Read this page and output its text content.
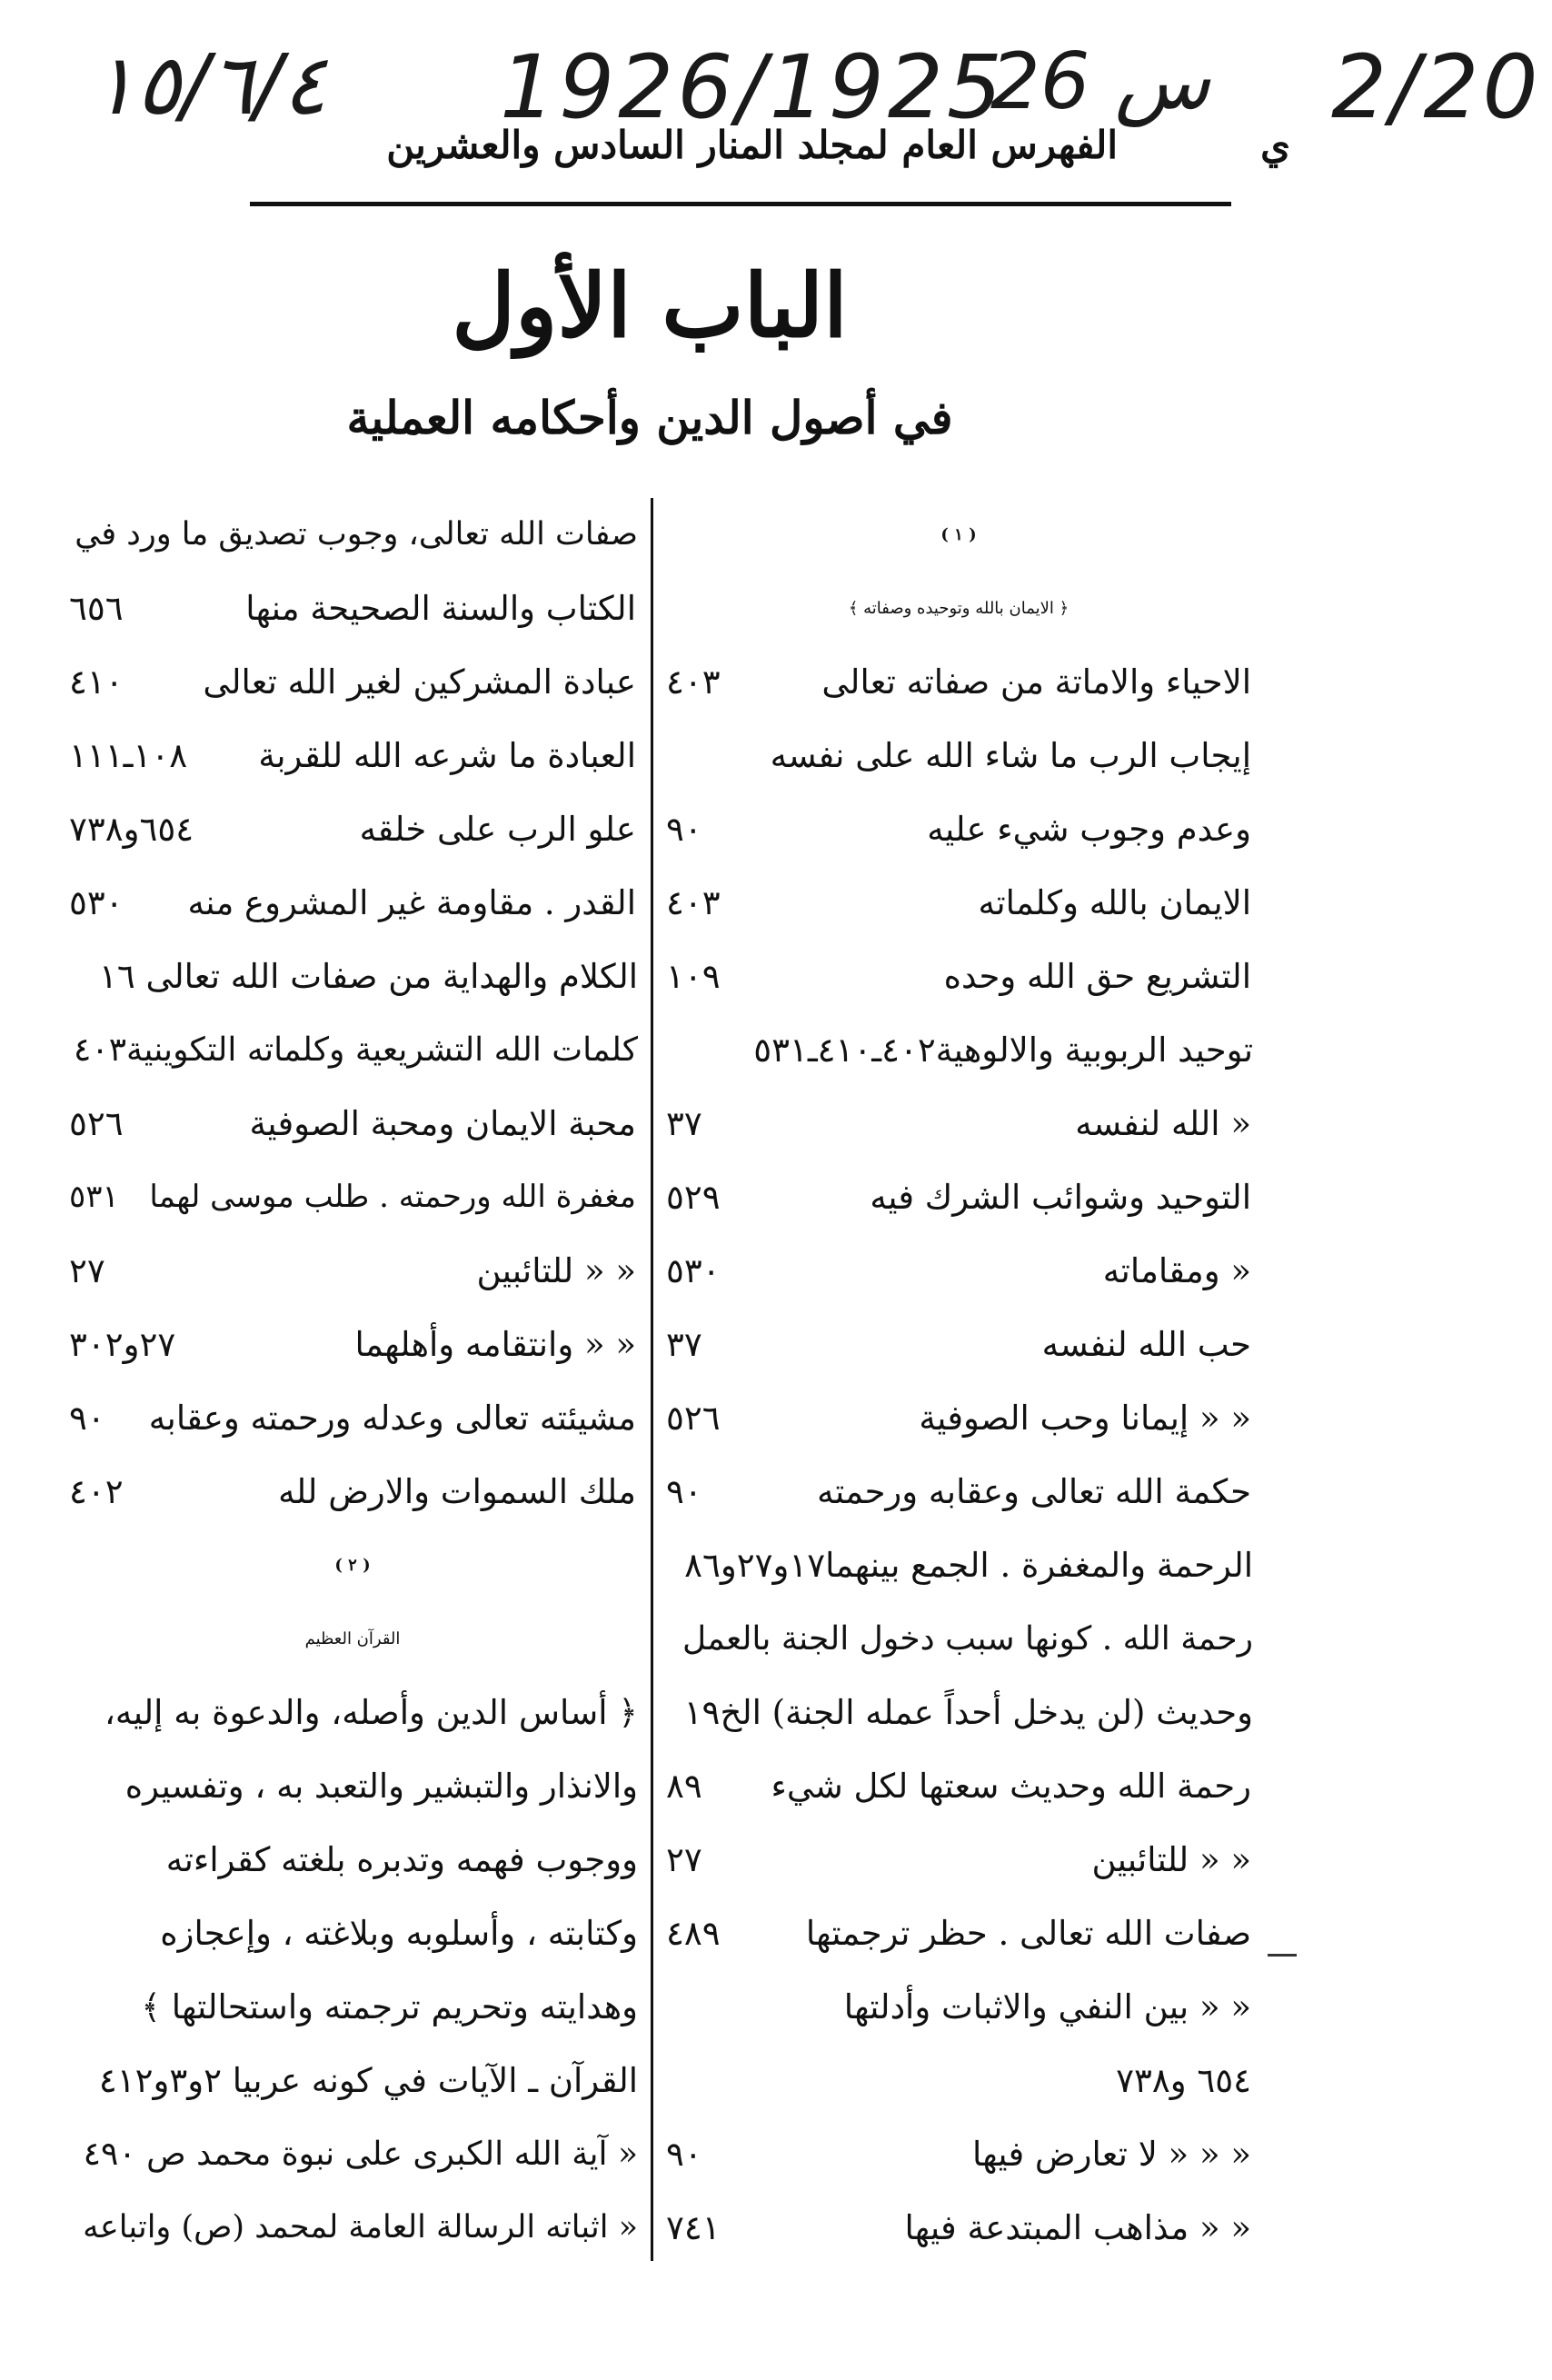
١٥/٦/٤ 1926/1925
26 س 2/20
ي
الفهرس العام لمجلد المنار السادس والعشرين
الباب الأول
في أصول الدين وأحكامه العملية
( ١ )
﴿ الايمان بالله وتوحيده وصفاته ﴾
الاحياء والاماتة من صفاته تعالى
٤٠٣
إيجاب الرب ما شاء الله على نفسه
وعدم وجوب شيء عليه
٩٠
الايمان بالله وكلماته
٤٠٣
التشريع حق الله وحده
١٠٩
توحيد الربوبية والالوهية٤٠٢ـ٤١٠ـ٥٣١
« الله لنفسه
٣٧
التوحيد وشوائب الشرك فيه
٥٢٩
« ومقاماته
٥٣٠
حب الله لنفسه
٣٧
« « إيمانا وحب الصوفية
٥٢٦
حكمة الله تعالى وعقابه ورحمته
٩٠
الرحمة والمغفرة . الجمع بينهما١٧و٢٧و٨٦
رحمة الله . كونها سبب دخول الجنة بالعمل
وحديث (لن يدخل أحداً عمله الجنة) الخ١٩
رحمة الله وحديث سعتها لكل شيء
٨٩
« « للتائبين
٢٧
صفات الله تعالى . حظر ترجمتها
٤٨٩
« « بين النفي والاثبات وأدلتها
٦٥٤ و٧٣٨
« « « لا تعارض فيها
٩٠
« « مذاهب المبتدعة فيها
٧٤١
صفات الله تعالى، وجوب تصديق ما ورد في
الكتاب والسنة الصحيحة منها
٦٥٦
عبادة المشركين لغير الله تعالى
٤١٠
العبادة ما شرعه الله للقربة
١٠٨ـ١١١
علو الرب على خلقه
٦٥٤و٧٣٨
القدر . مقاومة غير المشروع منه
٥٣٠
الكلام والهداية من صفات الله تعالى ١٦
كلمات الله التشريعية وكلماته التكوينية٤٠٣
محبة الايمان ومحبة الصوفية
٥٢٦
مغفرة الله ورحمته . طلب موسى لهما
٥٣١
« « للتائبين
٢٧
« « وانتقامه وأهلهما
٢٧و٣٠٢
مشيئته تعالى وعدله ورحمته وعقابه
٩٠
ملك السموات والارض لله
٤٠٢
( ٢ )
القرآن العظيم
﴿ أساس الدين وأصله، والدعوة به إليه،
والانذار والتبشير والتعبد به ، وتفسيره
ووجوب فهمه وتدبره بلغته كقراءته
وكتابته ، وأسلوبه وبلاغته ، وإعجازه
وهدايته وتحريم ترجمته واستحالتها ﴾
القرآن ـ الآيات في كونه عربيا ٢و٣و٤١٢
« آية الله الكبرى على نبوة محمد ص ٤٩٠
« اثباته الرسالة العامة لمحمد (ص) واتباعه
